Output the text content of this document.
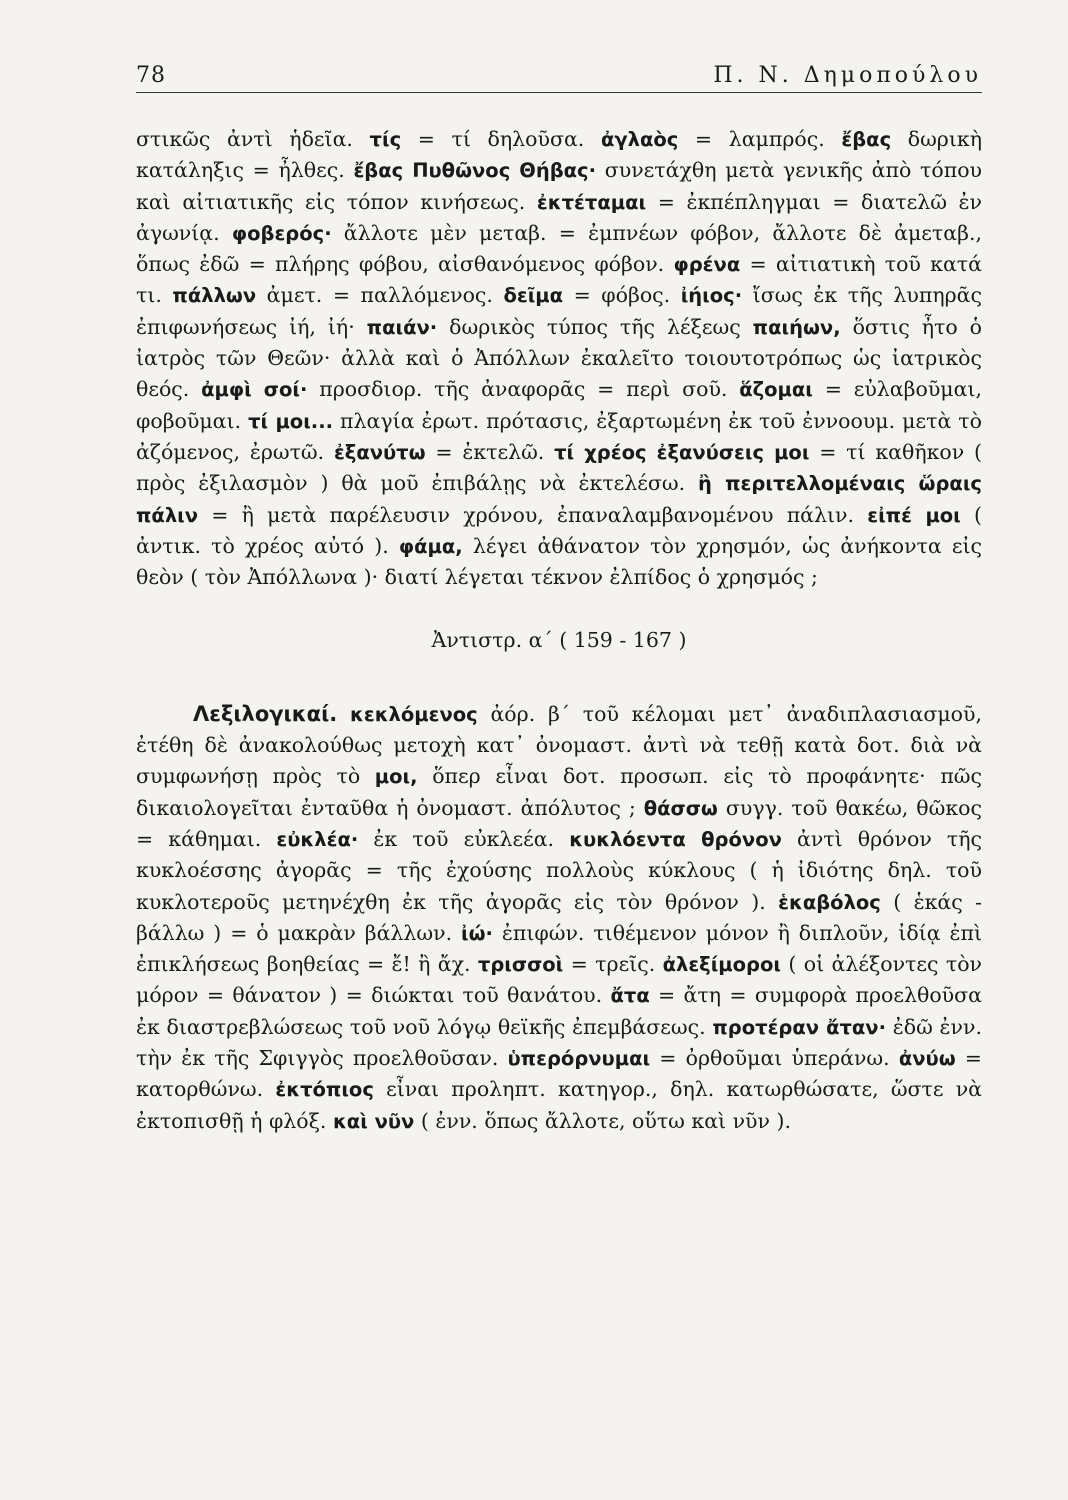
78	Π. Ν. Δημοπούλου

στικῶς ἀντὶ ἡδεῖα. τίς = τί δηλοῦσα. ἀγλαὸς = λαμπρός. ἔβας δωρικὴ κατάληξις = ἦλθες. ἔβας Πυθῶνος Θήβας· συνετάχθη μετὰ γενικῆς ἀπὸ τόπου καὶ αἰτιατικῆς εἰς τόπον κινήσεως. ἐκτέταμαι = ἐκπέπληγμαι = διατελῶ ἐν ἀγωνίᾳ. φοβερός· ἄλλοτε μὲν μεταβ. = ἐμπνέων φόβον, ἄλλοτε δὲ ἀμεταβ., ὅπως ἐδῶ = πλήρης φόβου, αἰσθανόμενος φόβον. φρένα = αἰτιατικὴ τοῦ κατά τι. πάλλων ἀμετ. = παλλόμενος. δεῖμα = φόβος. ἰήιος· ἴσως ἐκ τῆς λυπηρᾶς ἐπιφωνήσεως ἰή, ἰή· παιάν· δωρικὸς τύπος τῆς λέξεως παιήων, ὅστις ἦτο ὁ ἰατρὸς τῶν Θεῶν· ἀλλὰ καὶ ὁ Ἀπόλλων ἐκαλεῖτο τοιουτοτρόπως ὡς ἰατρικὸς θεός. ἀμφὶ σοί· προσδιορ. τῆς ἀναφορᾶς = περὶ σοῦ. ἅζομαι = εὐλαβοῦμαι, φοβοῦμαι. τί μοι... πλαγία ἐρωτ. πρότασις, ἐξαρτωμένη ἐκ τοῦ ἐννοουμ. μετὰ τὸ ἀζόμενος, ἐρωτῶ. ἐξανύτω = ἐκτελῶ. τί χρέος ἐξανύσεις μοι = τί καθῆκον ( πρὸς ἐξιλασμὸν ) θὰ μοῦ ἐπιβάλῃς νὰ ἐκτελέσω. ἢ περιτελλομέναις ὥραις πάλιν = ἢ μετὰ παρέλευσιν χρόνου, ἐπαναλαμβανομένου πάλιν. εἰπέ μοι ( ἀντικ. τὸ χρέος αὐτό ). φάμα, λέγει ἀθάνατον τὸν χρησμόν, ὡς ἀνήκοντα εἰς θεὸν ( τὸν Ἀπόλλωνα )· διατί λέγεται τέκνον ἐλπίδος ὁ χρησμός ;

Ἀντιστρ. α΄ ( 159 - 167 )

Λεξιλογικαί. κεκλόμενος ἀόρ. β΄ τοῦ κέλομαι μετ᾽ ἀναδιπλασιασμοῦ, ἐτέθη δὲ ἀνακολούθως μετοχὴ κατ᾽ ὀνομαστ. ἀντὶ νὰ τεθῇ κατὰ δοτ. διὰ νὰ συμφωνήσῃ πρὸς τὸ μοι, ὅπερ εἶναι δοτ. προσωπ. εἰς τὸ προφάνητε· πῶς δικαιολογεῖται ἐνταῦθα ἡ ὀνομαστ. ἀπόλυτος ; θάσσω συγγ. τοῦ θακέω, θῶκος = κάθημαι. εὐκλέα· ἐκ τοῦ εὐκλεέα. κυκλόεντα θρόνον ἀντὶ θρόνον τῆς κυκλοέσσης ἀγορᾶς = τῆς ἐχούσης πολλοὺς κύκλους ( ἡ ἰδιότης δηλ. τοῦ κυκλοτεροῦς μετηνέχθη ἐκ τῆς ἀγορᾶς εἰς τὸν θρόνον ). ἑκαβόλος ( ἑκάς - βάλλω ) = ὁ μακρὰν βάλλων. ἰώ· ἐπιφών. τιθέμενον μόνον ἢ διπλοῦν, ἰδίᾳ ἐπὶ ἐπικλήσεως βοηθείας = ἔ! ἢ ἄχ. τρισσοὶ = τρεῖς. ἀλεξίμοροι ( οἱ ἀλέξοντες τὸν μόρον = θάνατον ) = διώκται τοῦ θανάτου. ἄτα = ἄτη = συμφορὰ προελθοῦσα ἐκ διαστρεβλώσεως τοῦ νοῦ λόγῳ θεϊκῆς ἐπεμβάσεως. προτέραν ἄταν· ἐδῶ ἐνν. τὴν ἐκ τῆς Σφιγγὸς προελθοῦσαν. ὑπερόρνυμαι = ὀρθοῦμαι ὑπεράνω. ἀνύω = κατορθώνω. ἐκτόπιος εἶναι προληπτ. κατηγορ., δηλ. κατωρθώσατε, ὥστε νὰ ἐκτοπισθῇ ἡ φλόξ. καὶ νῦν ( ἐνν. ὅπως ἄλλοτε, οὕτω καὶ νῦν ).
